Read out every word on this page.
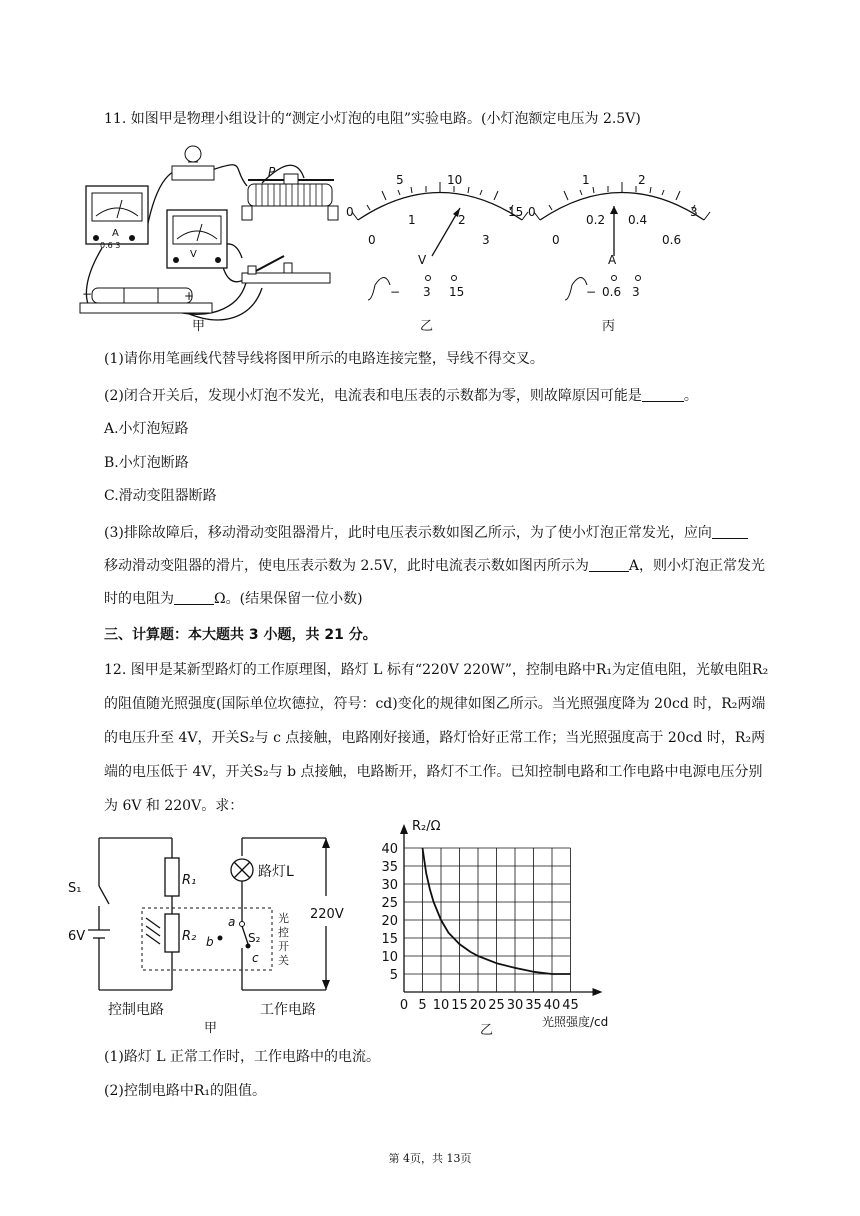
11. 如图甲是物理小组设计的“测定小灯泡的电阻”实验电路。(小灯泡额定电压为 2.5V)
A
0.6 3
V
P
−	+
甲
0
5	10
15
0
1	2
3
V
− 3 15
乙
0
1	2
3
0
0.2 0.4
0.6
A
− 0.6 3
丙
(1)请你用笔画线代替导线将图甲所示的电路连接完整，导线不得交叉。
(2)闭合开关后，发现小灯泡不发光，电流表和电压表的示数都为零，则故障原因可能是	。
A.小灯泡短路
B.小灯泡断路
C.滑动变阻器断路
(3)排除故障后，移动滑动变阻器滑片，此时电压表示数如图乙所示，为了使小灯泡正常发光，应向
移动滑动变阻器的滑片，使电压表示数为 2.5V，此时电流表示数如图丙所示为	A，则小灯泡正常发光
时的电阻为	Ω。(结果保留一位小数)
三、计算题：本大题共 3 小题，共 21 分。
12. 图甲是某新型路灯的工作原理图，路灯 L 标有“220V 220W”，控制电路中R₁为定值电阻，光敏电阻R₂
的阻值随光照强度(国际单位坎德拉，符号：cd)变化的规律如图乙所示。当光照强度降为 20cd 时，R₂两端
的电压升至 4V，开关S₂与 c 点接触，电路刚好接通，路灯恰好正常工作；当光照强度高于 20cd 时，R₂两
端的电压低于 4V，开关S₂与 b 点接触，电路断开，路灯不工作。已知控制电路和工作电路中电源电压分别
为 6V 和 220V。求：
S₁
6V
R₁
R₂
路灯L
220V
a
b	S₂
c
光
控
开
关
控制电路	工作电路
甲
R₂/Ω
光照强度/cd
乙
0 5 10 15 20 25 30 35 40 45
5
10
15
20
25
30
35
40
(1)路灯 L 正常工作时，工作电路中的电流。
(2)控制电路中R₁的阻值。
第 4页，共 13页
